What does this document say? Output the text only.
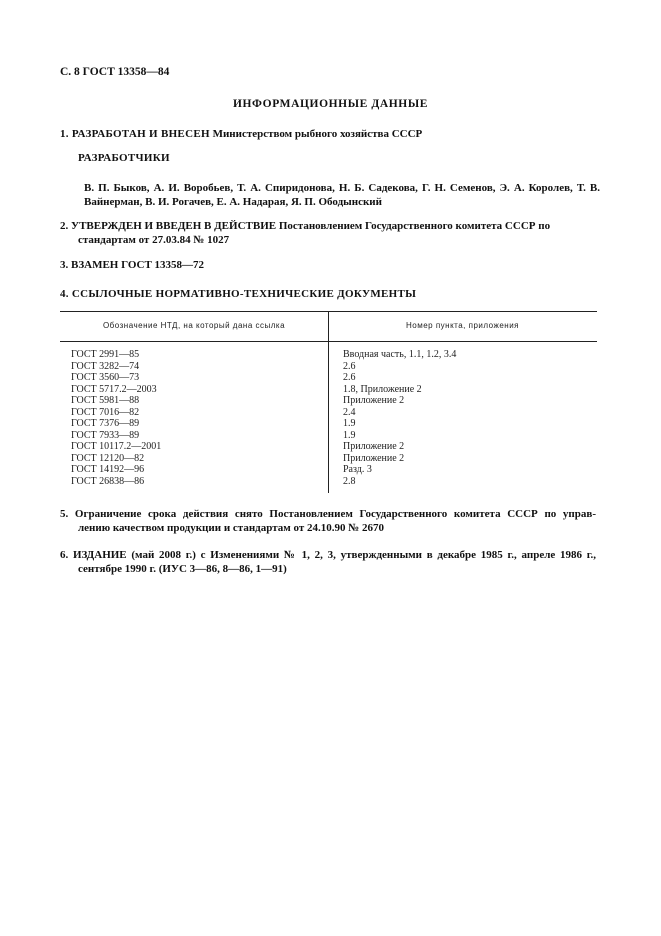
С. 8 ГОСТ 13358—84
ИНФОРМАЦИОННЫЕ ДАННЫЕ
1. РАЗРАБОТАН И ВНЕСЕН Министерством рыбного хозяйства СССР
РАЗРАБОТЧИКИ
В. П. Быков, А. И. Воробьев, Т. А. Спиридонова, Н. Б. Садекова, Г. Н. Семенов, Э. А. Королев, Т. В. Вайнерман, В. И. Рогачев, Е. А. Надарая, Я. П. Ободынский
2. УТВЕРЖДЕН И ВВЕДЕН В ДЕЙСТВИЕ Постановлением Государственного комитета СССР по
стандартам от 27.03.84 № 1027
3. ВЗАМЕН ГОСТ 13358—72
4. ССЫЛОЧНЫЕ НОРМАТИВНО-ТЕХНИЧЕСКИЕ ДОКУМЕНТЫ
Обозначение НТД, на который дана ссылка	Номер пункта, приложения
ГОСТ 2991—85
ГОСТ 3282—74
ГОСТ 3560—73
ГОСТ 5717.2—2003
ГОСТ 5981—88
ГОСТ 7016—82
ГОСТ 7376—89
ГОСТ 7933—89
ГОСТ 10117.2—2001
ГОСТ 12120—82
ГОСТ 14192—96
ГОСТ 26838—86
Вводная часть, 1.1, 1.2, 3.4
2.6
2.6
1.8, Приложение 2
Приложение 2
2.4
1.9
1.9
Приложение 2
Приложение 2
Разд. 3
2.8
5. Ограничение срока действия снято Постановлением Государственного комитета СССР по управ-
лению качеством продукции и стандартам от 24.10.90 № 2670
6. ИЗДАНИЕ (май 2008 г.) с Изменениями № 1, 2, 3, утвержденными в декабре 1985 г., апреле 1986 г.,
сентябре 1990 г. (ИУС 3—86, 8—86, 1—91)
